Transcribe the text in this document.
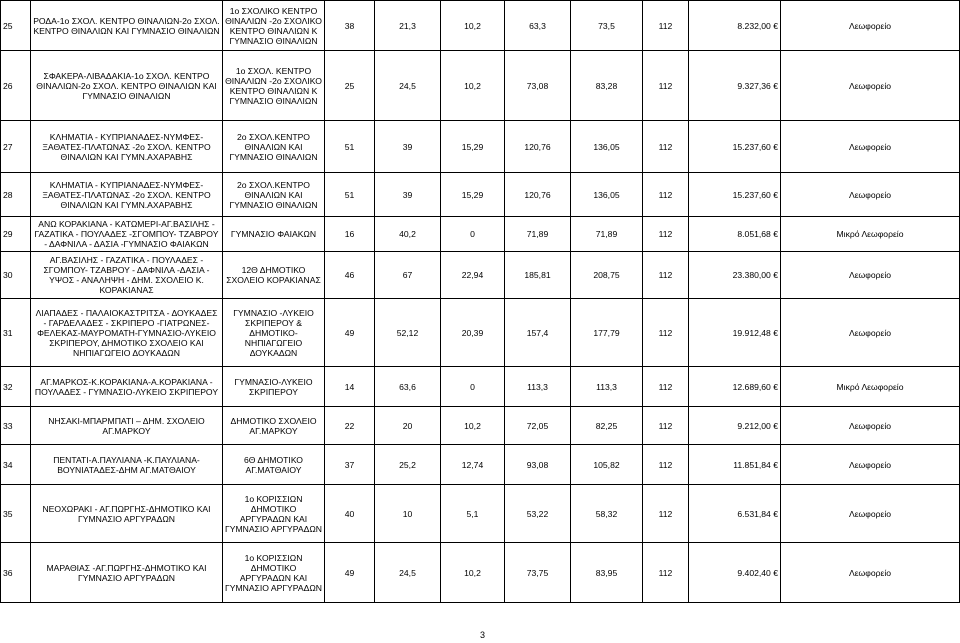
25	ΡΟΔΑ-1ο ΣΧΟΛ. ΚΕΝΤΡΟ ΘΙΝΑΛΙΩΝ-2ο ΣΧΟΛ. ΚΕΝΤΡΟ ΘΙΝΑΛΙΩΝ ΚΑΙ ΓΥΜΝΑΣΙΟ ΘΙΝΑΛΙΩΝ	1ο ΣΧΟΛΙΚΟ ΚΕΝΤΡΟ ΘΙΝΑΛΙΩΝ -2ο ΣΧΟΛΙΚΟ ΚΕΝΤΡΟ ΘΙΝΑΛΙΩΝ Κ ΓΥΜΝΑΣΙΟ ΘΙΝΑΛΙΩΝ	38	21,3	10,2	63,3	73,5	112	8.232,00 €	Λεωφορείο
26	ΣΦΑΚΕΡΑ-ΛΙΒΑΔΑΚΙΑ-1ο ΣΧΟΛ. ΚΕΝΤΡΟ ΘΙΝΑΛΙΩΝ-2ο ΣΧΟΛ. ΚΕΝΤΡΟ ΘΙΝΑΛΙΩΝ ΚΑΙ ΓΥΜΝΑΣΙΟ ΘΙΝΑΛΙΩΝ	1ο ΣΧΟΛ. ΚΕΝΤΡΟ ΘΙΝΑΛΙΩΝ -2ο ΣΧΟΛΙΚΟ ΚΕΝΤΡΟ ΘΙΝΑΛΙΩΝ Κ ΓΥΜΝΑΣΙΟ ΘΙΝΑΛΙΩΝ	25	24,5	10,2	73,08	83,28	112	9.327,36 €	Λεωφορείο
27	ΚΛΗΜΑΤΙΑ - ΚΥΠΡΙΑΝΑΔΕΣ-ΝΥΜΦΕΣ-ΞΑΘΑΤΕΣ-ΠΛΑΤΩΝΑΣ -2ο ΣΧΟΛ. ΚΕΝΤΡΟ ΘΙΝΑΛΙΩΝ ΚΑΙ ΓΥΜΝ.ΑΧΑΡΑΒΗΣ	2ο ΣΧΟΛ.ΚΕΝΤΡΟ ΘΙΝΑΛΙΩΝ ΚΑΙ ΓΥΜΝΑΣΙΟ ΘΙΝΑΛΙΩΝ	51	39	15,29	120,76	136,05	112	15.237,60 €	Λεωφορείο
28	ΚΛΗΜΑΤΙΑ - ΚΥΠΡΙΑΝΑΔΕΣ-ΝΥΜΦΕΣ-ΞΑΘΑΤΕΣ-ΠΛΑΤΩΝΑΣ -2ο ΣΧΟΛ. ΚΕΝΤΡΟ ΘΙΝΑΛΙΩΝ ΚΑΙ ΓΥΜΝ.ΑΧΑΡΑΒΗΣ	2ο ΣΧΟΛ.ΚΕΝΤΡΟ ΘΙΝΑΛΙΩΝ ΚΑΙ ΓΥΜΝΑΣΙΟ ΘΙΝΑΛΙΩΝ	51	39	15,29	120,76	136,05	112	15.237,60 €	Λεωφορείο
29	ΑΝΩ ΚΟΡΑΚΙΑΝΑ - ΚΑΤΩΜΕΡΙ-ΑΓ.ΒΑΣΙΛΗΣ - ΓΑΖΑΤΙΚΑ - ΠΟΥΛΑΔΕΣ -ΣΓΟΜΠΟΥ- ΤΖΑΒΡΟΥ - ΔΑΦΝΙΛΑ - ΔΑΣΙΑ -ΓΥΜΝΑΣΙΟ ΦΑΙΑΚΩΝ	ΓΥΜΝΑΣΙΟ ΦΑΙΑΚΩΝ	16	40,2	0	71,89	71,89	112	8.051,68 €	Μικρό Λεωφορείο
30	ΑΓ.ΒΑΣΙΛΗΣ - ΓΑΖΑΤΙΚΑ - ΠΟΥΛΑΔΕΣ - ΣΓΟΜΠΟΥ- ΤΖΑΒΡΟΥ - ΔΑΦΝΙΛΑ -ΔΑΣΙΑ - ΥΨΟΣ - ΑΝΑΛΗΨΗ - ΔΗΜ. ΣΧΟΛΕΙΟ Κ. ΚΟΡΑΚΙΑΝΑΣ	12Θ ΔΗΜΟΤΙΚΟ ΣΧΟΛΕΙΟ ΚΟΡΑΚΙΑΝΑΣ	46	67	22,94	185,81	208,75	112	23.380,00 €	Λεωφορείο
31	ΛΙΑΠΑΔΕΣ - ΠΑΛΑΙΟΚΑΣΤΡΙΤΣΑ - ΔΟΥΚΑΔΕΣ - ΓΑΡΔΕΛΑΔΕΣ - ΣΚΡΙΠΕΡΟ -ΓΙΑΤΡΩΝΕΣ-ΦΕΛΕΚΑΣ-ΜΑΥΡΟΜΑΤΗ-ΓΥΜΝΑΣΙΟ-ΛΥΚΕΙΟ ΣΚΡΙΠΕΡΟΥ, ΔΗΜΟΤΙΚΟ ΣΧΟΛΕΙΟ ΚΑΙ ΝΗΠΙΑΓΩΓΕΙΟ ΔΟΥΚΑΔΩΝ	ΓΥΜΝΑΣΙΟ -ΛΥΚΕΙΟ ΣΚΡΙΠΕΡΟΥ & ΔΗΜΟΤΙΚΟ-ΝΗΠΙΑΓΩΓΕΙΟ ΔΟΥΚΑΔΩΝ	49	52,12	20,39	157,4	177,79	112	19.912,48 €	Λεωφορείο
32	ΑΓ.ΜΑΡΚΟΣ-Κ.ΚΟΡΑΚΙΑΝΑ-Α.ΚΟΡΑΚΙΑΝΑ - ΠΟΥΛΑΔΕΣ - ΓΥΜΝΑΣΙΟ-ΛΥΚΕΙΟ ΣΚΡΙΠΕΡΟΥ	ΓΥΜΝΑΣΙΟ-ΛΥΚΕΙΟ ΣΚΡΙΠΕΡΟΥ	14	63,6	0	113,3	113,3	112	12.689,60 €	Μικρό Λεωφορείο
33	ΝΗΣΑΚΙ-ΜΠΑΡΜΠΑΤΙ – ΔΗΜ. ΣΧΟΛΕΙΟ ΑΓ.ΜΑΡΚΟΥ	ΔΗΜΟΤΙΚΟ ΣΧΟΛΕΙΟ ΑΓ.ΜΑΡΚΟΥ	22	20	10,2	72,05	82,25	112	9.212,00 €	Λεωφορείο
34	ΠΕΝΤΑΤΙ-Α.ΠΑΥΛΙΑΝΑ -Κ.ΠΑΥΛΙΑΝΑ-ΒΟΥΝΙΑΤΑΔΕΣ-ΔΗΜ ΑΓ.ΜΑΤΘΑΙΟΥ	6Θ ΔΗΜΟΤΙΚΟ ΑΓ.ΜΑΤΘΑΙΟΥ	37	25,2	12,74	93,08	105,82	112	11.851,84 €	Λεωφορείο
35	ΝΕΟΧΩΡΑΚΙ - ΑΓ.ΠΩΡΓΗΣ-ΔΗΜΟΤΙΚΟ ΚΑΙ ΓΥΜΝΑΣΙΟ ΑΡΓΥΡΑΔΩΝ	1ο ΚΟΡΙΣΣΙΩΝ ΔΗΜΟΤΙΚΟ ΑΡΓΥΡΑΔΩΝ ΚΑΙ ΓΥΜΝΑΣΙΟ ΑΡΓΥΡΑΔΩΝ	40	10	5,1	53,22	58,32	112	6.531,84 €	Λεωφορείο
36	ΜΑΡΑΘΙΑΣ -ΑΓ.ΠΩΡΓΗΣ-ΔΗΜΟΤΙΚΟ ΚΑΙ ΓΥΜΝΑΣΙΟ ΑΡΓΥΡΑΔΩΝ	1ο ΚΟΡΙΣΣΙΩΝ ΔΗΜΟΤΙΚΟ ΑΡΓΥΡΑΔΩΝ ΚΑΙ ΓΥΜΝΑΣΙΟ ΑΡΓΥΡΑΔΩΝ	49	24,5	10,2	73,75	83,95	112	9.402,40 €	Λεωφορείο
3
